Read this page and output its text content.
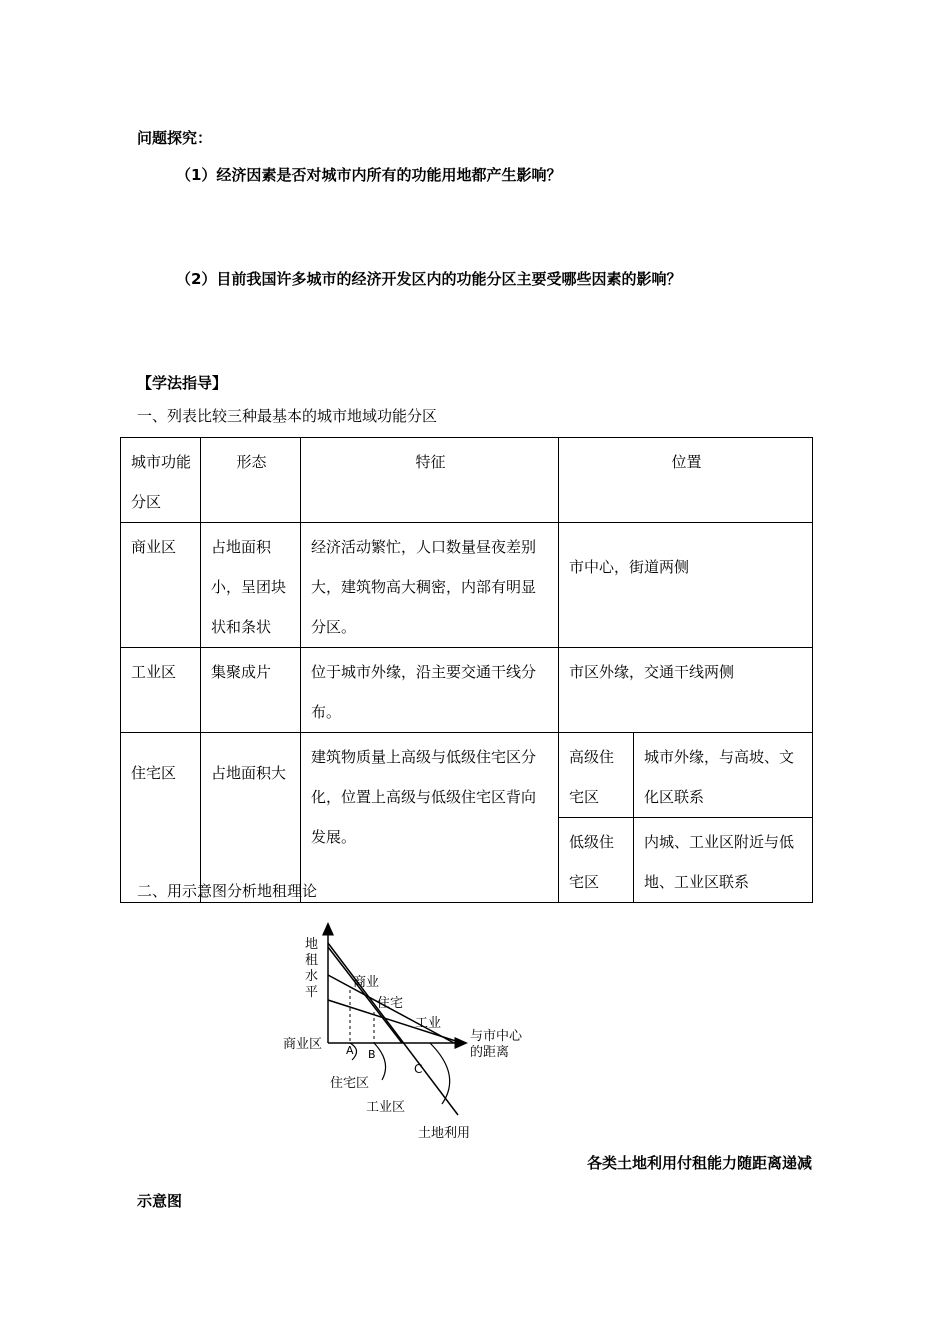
问题探究：
（1）经济因素是否对城市内所有的功能用地都产生影响？
（2）目前我国许多城市的经济开发区内的功能分区主要受哪些因素的影响？
【学法指导】
一、列表比较三种最基本的城市地域功能分区
城市功能分区	形态	特征	位置	
商业区	占地面积小，呈团块状和条状	经济活动繁忙，人口数量昼夜差别大，建筑物高大稠密，内部有明显分区。	市中心，街道两侧	
工业区	集聚成片	位于城市外缘，沿主要交通干线分布。	市区外缘，交通干线两侧	
住宅区	占地面积大	建筑物质量上高级与低级住宅区分化，位置上高级与低级住宅区背向发展。	高级住宅区	城市外缘，与高坡、文化区联系
			低级住宅区	内城、工业区附近与低地、工业区联系
二、用示意图分析地租理论
地
租
水
平
与市中心
的距离
商业
住宅
工业
商业区 A B
C
住宅区
工业区
土地利用
各类土地利用付租能力随距离递减
示意图
